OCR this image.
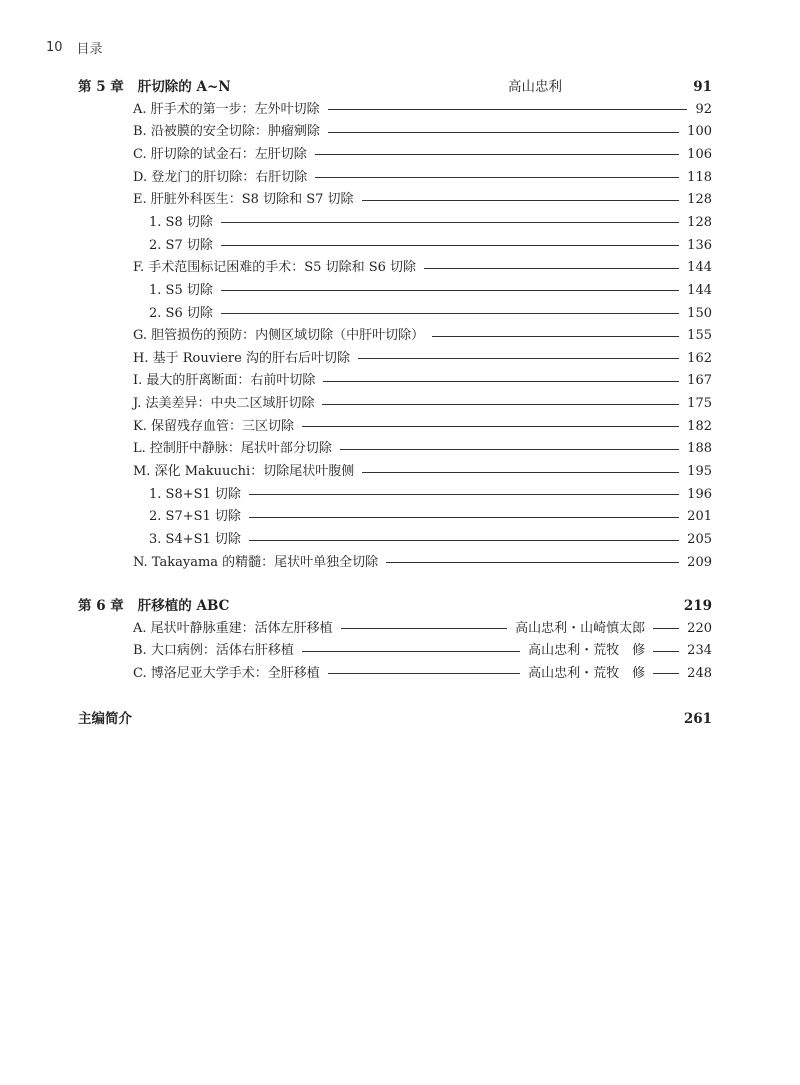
10 目录
第 5 章 肝切除的 A~N	高山忠利	91
A. 肝手术的第一步：左外叶切除	92
B. 沿被膜的安全切除：肿瘤剜除	100
C. 肝切除的试金石：左肝切除	106
D. 登龙门的肝切除：右肝切除	118
E. 肝脏外科医生：S8 切除和 S7 切除	128
1. S8 切除	128
2. S7 切除	136
F. 手术范围标记困难的手术：S5 切除和 S6 切除	144
1. S5 切除	144
2. S6 切除	150
G. 胆管损伤的预防：内侧区域切除（中肝叶切除）	155
H. 基于 Rouviere 沟的肝右后叶切除	162
I. 最大的肝离断面：右前叶切除	167
J. 法美差异：中央二区域肝切除	175
K. 保留残存血管：三区切除	182
L. 控制肝中静脉：尾状叶部分切除	188
M. 深化 Makuuchi：切除尾状叶腹侧	195
1. S8+S1 切除	196
2. S7+S1 切除	201
3. S4+S1 切除	205
N. Takayama 的精髓：尾状叶单独全切除	209
第 6 章 肝移植的 ABC	219
A. 尾状叶静脉重建：活体左肝移植	高山忠利・山崎慎太郎	220
B. 大口病例：活体右肝移植	高山忠利・荒牧　修	234
C. 博洛尼亚大学手术：全肝移植	高山忠利・荒牧　修	248
主编简介	261
